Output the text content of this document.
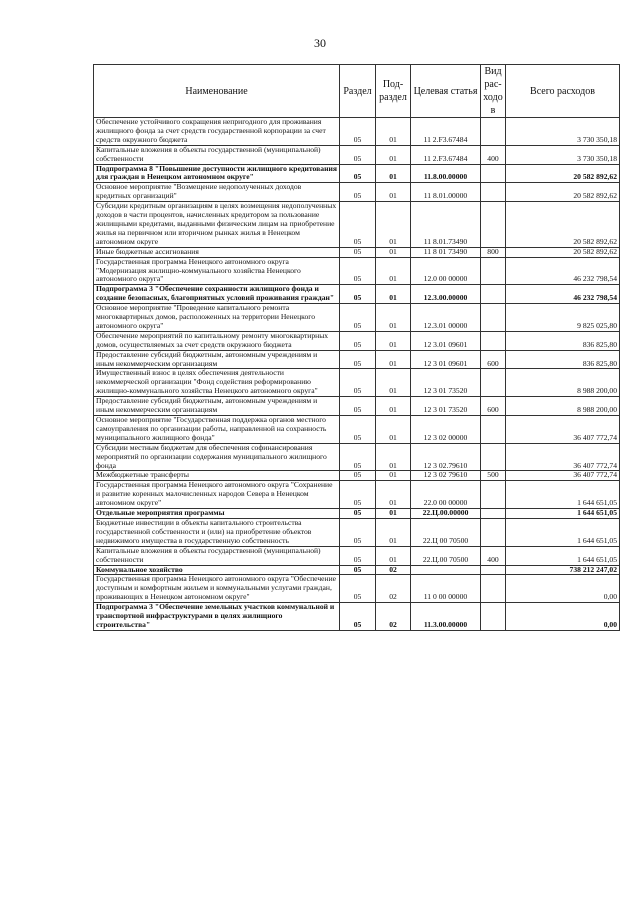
30
Наименование	Раздел	Под-раздел	Целевая статья	Вид рас-ходов	Всего расходов
Обеспечение устойчивого сокращения непригодного для проживания жилищного фонда за счет средств государственной корпорации за счет средств окружного бюджета	05	01	11 2.F3.67484		3 730 350,18
Капитальные вложения в объекты государственной (муниципальной) собственности	05	01	11 2.F3.67484	400	3 730 350,18
Подпрограмма 8 "Повышение доступности жилищного кредитования для граждан в Ненецком автономном округе"	05	01	11.8.00.00000		20 582 892,62
Основное мероприятие "Возмещение недополученных доходов кредитных организаций"	05	01	11 8.01.00000		20 582 892,62
Субсидии кредитным организациям в целях возмещения недополученных доходов в части процентов, начисленных кредитором за пользование жилищными кредитами, выданными физическим лицам на приобретение жилья на первичном или вторичном рынках жилья в Ненецком автономном округе	05	01	11 8.01.73490		20 582 892,62
Иные бюджетные ассигнования	05	01	11 8 01 73490	800	20 582 892,62
Государственная программа Ненецкого автономного округа "Модернизация жилищно-коммунального хозяйства Ненецкого автономного округа"	05	01	12.0 00 00000		46 232 798,54
Подпрограмма 3 "Обеспечение сохранности жилищного фонда и создание безопасных, благоприятных условий проживания граждан"	05	01	12.3.00.00000		46 232 798,54
Основное мероприятие "Проведение капитального ремонта многоквартирных домов, расположенных на территории Ненецкого автономного округа"	05	01	12.3.01 00000		9 825 025,80
Обеспечение мероприятий по капитальному ремонту многоквартирных домов, осуществляемых за счет средств окружного бюджета	05	01	12 3.01 09601		836 825,80
Предоставление субсидий бюджетным, автономным учреждениям и иным некоммерческим организациям	05	01	12 3 01 09601	600	836 825,80
Имущественный взнос в целях обеспечения деятельности некоммерческой организации "Фонд содействия реформированию жилищно-коммунального хозяйства Ненецкого автономного округа"	05	01	12 3 01 73520		8 988 200,00
Предоставление субсидий бюджетным, автономным учреждениям и иным некоммерческим организациям	05	01	12 3 01 73520	600	8 988 200,00
Основное мероприятие "Государственная поддержка органов местного самоуправления по организации работы, направленной на сохранность муниципального жилищного фонда"	05	01	12 3 02 00000		36 407 772,74
Субсидии местным бюджетам для обеспечения софинансирования мероприятий по организации содержания муниципального жилищного фонда	05	01	12 3 02.79610		36 407 772,74
Межбюджетные трансферты	05	01	12 3 02 79610	500	36 407 772,74
Государственная программа Ненецкого автономного округа "Сохранение и развитие коренных малочисленных народов Севера в Ненецком автономном округе"	05	01	22.0 00 00000		1 644 651,05
Отдельные мероприятия программы	05	01	22.Ц.00.00000		1 644 651,05
Бюджетные инвестиции в объекты капитального строительства государственной собственности и (или) на приобретение объектов недвижимого имущества в государственную собственность	05	01	22.Ц 00 70500		1 644 651,05
Капитальные вложения в объекты государственной (муниципальной) собственности	05	01	22.Ц.00 70500	400	1 644 651,05
Коммунальное хозяйство	05	02			738 212 247,02
Государственная программа Ненецкого автономного округа "Обеспечение доступным и комфортным жильем и коммунальными услугами граждан, проживающих в Ненецком автономном округе"	05	02	11 0 00 00000		0,00
Подпрограмма 3 "Обеспечение земельных участков коммунальной и транспортной инфраструктурами в целях жилищного строительства"	05	02	11.3.00.00000		0,00
